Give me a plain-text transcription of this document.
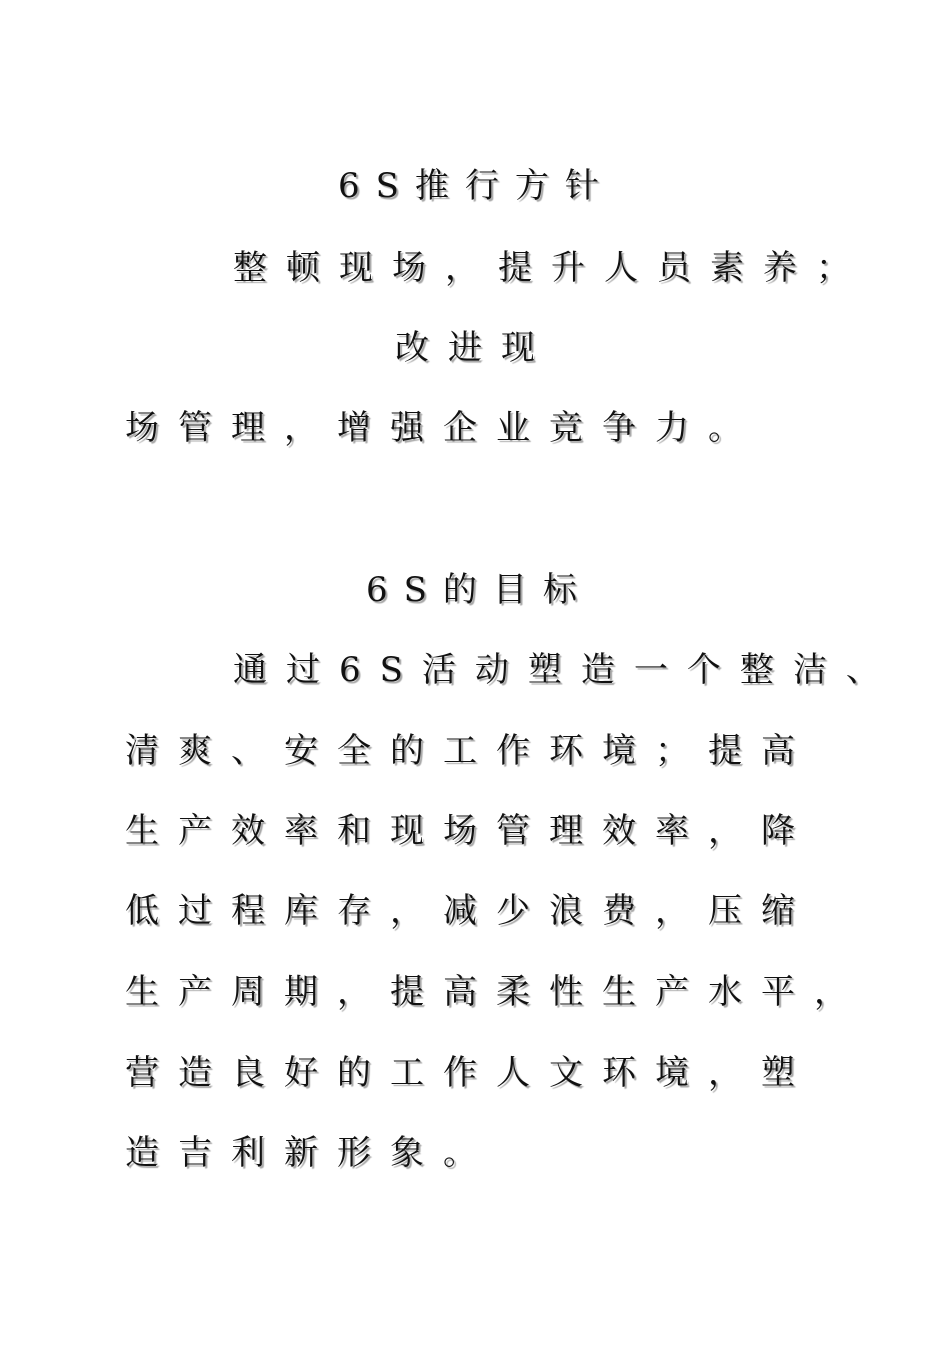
6S推行方针
整顿现场，提升人员素养；
改进现
场管理，增强企业竞争力。
6S的目标
通过6S活动塑造一个整洁、
清爽、安全的工作环境；提高
生产效率和现场管理效率，降
低过程库存，减少浪费，压缩
生产周期，提高柔性生产水平，
营造良好的工作人文环境，塑
造吉利新形象。
